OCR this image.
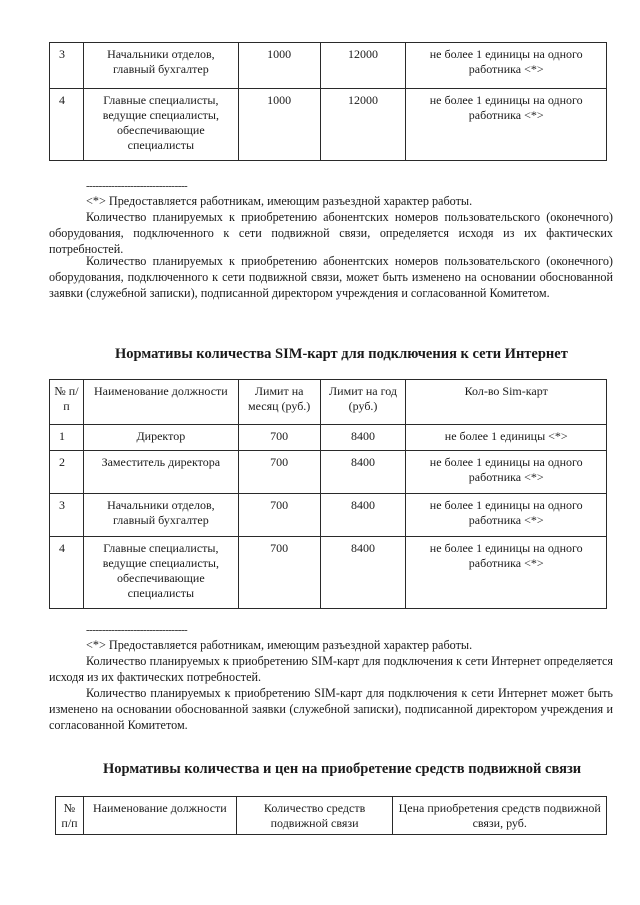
3	Начальники отделов, главный бухгалтер	1000	12000	не более 1 единицы на одного работника <*>
4	Главные специалисты, ведущие специалисты, обеспечивающие специалисты	1000	12000	не более 1 единицы на одного работника <*>
--------------------------------
<*> Предоставляется работникам, имеющим разъездной характер работы.
Количество планируемых к приобретению абонентских номеров пользовательского (оконечного) оборудования, подключенного к сети подвижной связи, определяется исходя из их фактических потребностей.
Количество планируемых к приобретению абонентских номеров пользовательского (оконечного) оборудования, подключенного к сети подвижной связи, может быть изменено на основании обоснованной заявки (служебной записки), подписанной директором учреждения и согласованной Комитетом.
Нормативы количества SIM-карт для подключения к сети Интернет
№ п/п	Наименование должности	Лимит на месяц (руб.)	Лимит на год (руб.)	Кол-во Sim-карт
1	Директор	700	8400	не более 1 единицы <*>
2	Заместитель директора	700	8400	не более 1 единицы на одного работника <*>
3	Начальники отделов, главный бухгалтер	700	8400	не более 1 единицы на одного работника <*>
4	Главные специалисты, ведущие специалисты, обеспечивающие специалисты	700	8400	не более 1 единицы на одного работника <*>
--------------------------------
<*> Предоставляется работникам, имеющим разъездной характер работы.
Количество планируемых к приобретению SIM-карт для подключения к сети Интернет определяется исходя из их фактических потребностей.
Количество планируемых к приобретению SIM-карт для подключения к сети Интернет может быть изменено на основании обоснованной заявки (служебной записки), подписанной директором учреждения и согласованной Комитетом.
Нормативы количества и цен на приобретение средств подвижной связи
№ п/п	Наименование должности	Количество средств подвижной связи	Цена приобретения средств подвижной связи, руб.
